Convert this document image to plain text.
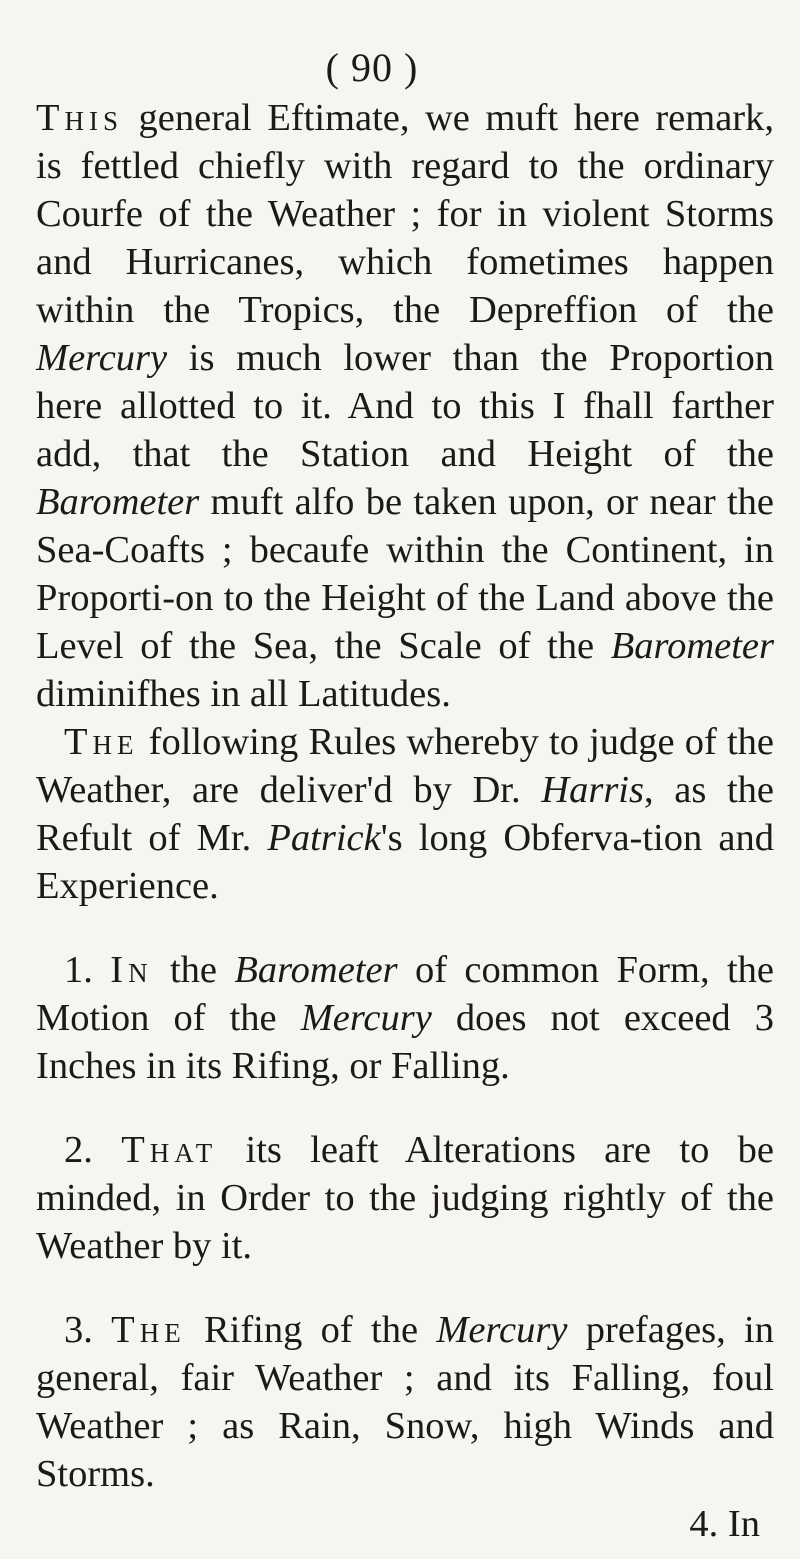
( 90 )

This general Eftimate, we muft here remark, is fettled chiefly with regard to the ordinary Courfe of the Weather ; for in violent Storms and Hurricanes, which fometimes happen within the Tropics, the Depreffion of the Mercury is much lower than the Proportion here allotted to it. And to this I fhall farther add, that the Station and Height of the Barometer muft alfo be taken upon, or near the Sea-Coafts ; becaufe within the Continent, in Proporti-on to the Height of the Land above the Level of the Sea, the Scale of the Barometer diminifhes in all Latitudes.

The following Rules whereby to judge of the Weather, are deliver'd by Dr. Harris, as the Refult of Mr. Patrick's long Obferva-tion and Experience.

1. In the Barometer of common Form, the Motion of the Mercury does not exceed 3 Inches in its Rifing, or Falling.

2. That its leaft Alterations are to be minded, in Order to the judging rightly of the Weather by it.

3. The Rifing of the Mercury prefages, in general, fair Weather ; and its Falling, foul Weather ; as Rain, Snow, high Winds and Storms.

4. In
